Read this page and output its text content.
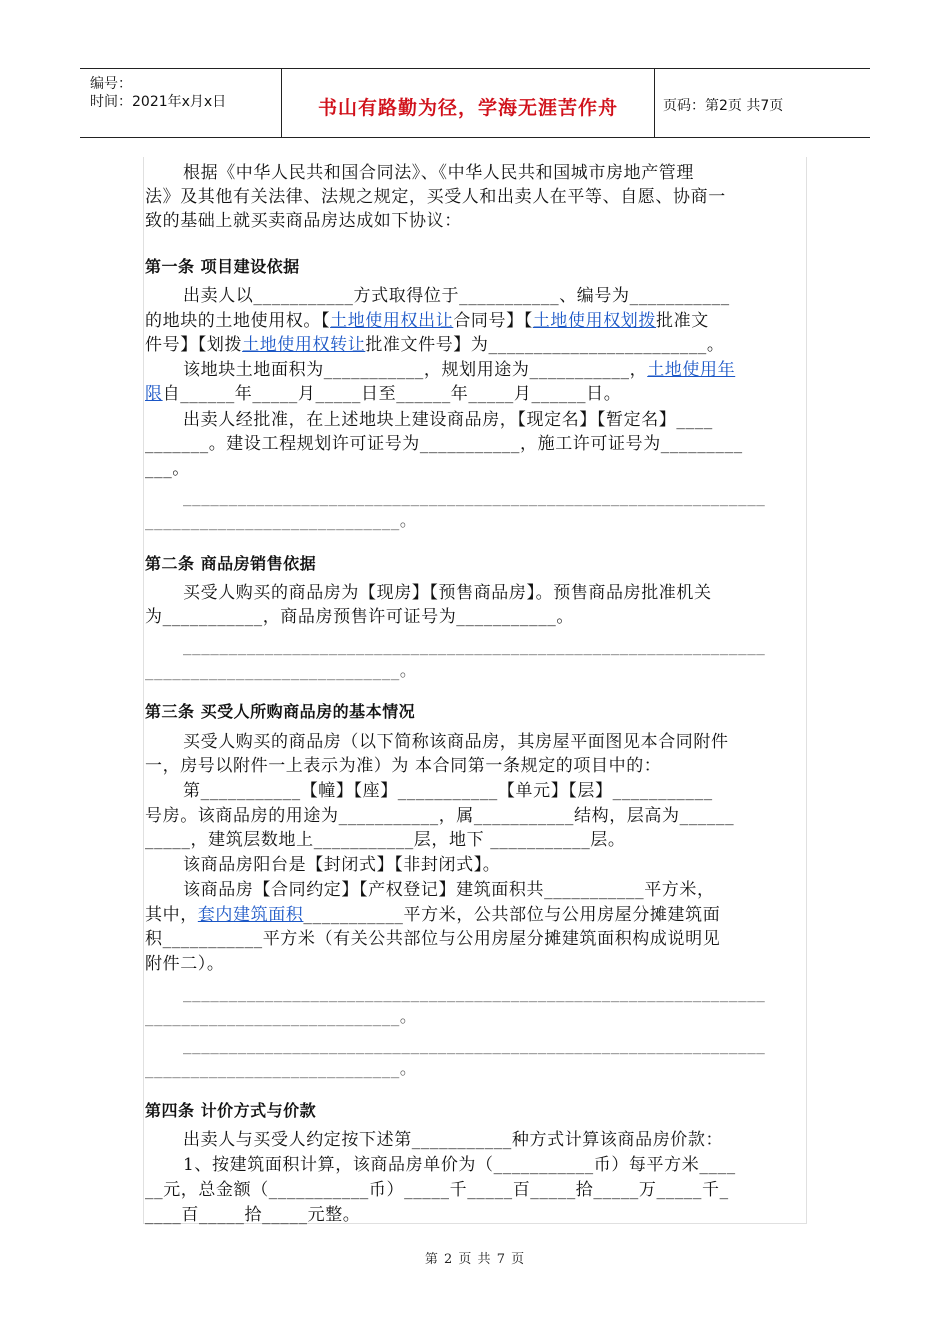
编号：
时间：2021年x月x日	书山有路勤为径，学海无涯苦作舟	页码：第2页 共7页
根据《中华人民共和国合同法》、《中华人民共和国城市房地产管理
法》及其他有关法律、法规之规定，买受人和出卖人在平等、自愿、协商一
致的基础上就买卖商品房达成如下协议：
第一条 项目建设依据
出卖人以___________方式取得位于___________、编号为___________
的地块的土地使用权。【土地使用权出让合同号】【土地使用权划拨批准文
件号】【划拨土地使用权转让批准文件号】为________________________。
该地块土地面积为___________，规划用途为___________，土地使用年
限自______年_____月_____日至______年_____月______日。
出卖人经批准，在上述地块上建设商品房，【现定名】【暂定名】____
_______。建设工程规划许可证号为___________，施工许可证号为_________
___。
________________________________________________________________
____________________________。
第二条 商品房销售依据
买受人购买的商品房为【现房】【预售商品房】。预售商品房批准机关
为___________，商品房预售许可证号为___________。
________________________________________________________________
____________________________。
第三条 买受人所购商品房的基本情况
买受人购买的商品房（以下简称该商品房，其房屋平面图见本合同附件
一，房号以附件一上表示为准）为 本合同第一条规定的项目中的：
第___________【幢】【座】___________【单元】【层】___________
号房。该商品房的用途为___________，属___________结构，层高为______
_____，建筑层数地上___________层，地下 ___________层。
该商品房阳台是【封闭式】【非封闭式】。
该商品房【合同约定】【产权登记】建筑面积共___________平方米，
其中，套内建筑面积___________平方米，公共部位与公用房屋分摊建筑面
积___________平方米（有关公共部位与公用房屋分摊建筑面积构成说明见
附件二）。
________________________________________________________________
____________________________。
________________________________________________________________
____________________________。
第四条 计价方式与价款
出卖人与买受人约定按下述第___________种方式计算该商品房价款：
1、按建筑面积计算，该商品房单价为（___________币）每平方米____
__元，总金额（___________币）_____千_____百_____拾_____万_____千_
____百_____拾_____元整。
第 2 页 共 7 页
